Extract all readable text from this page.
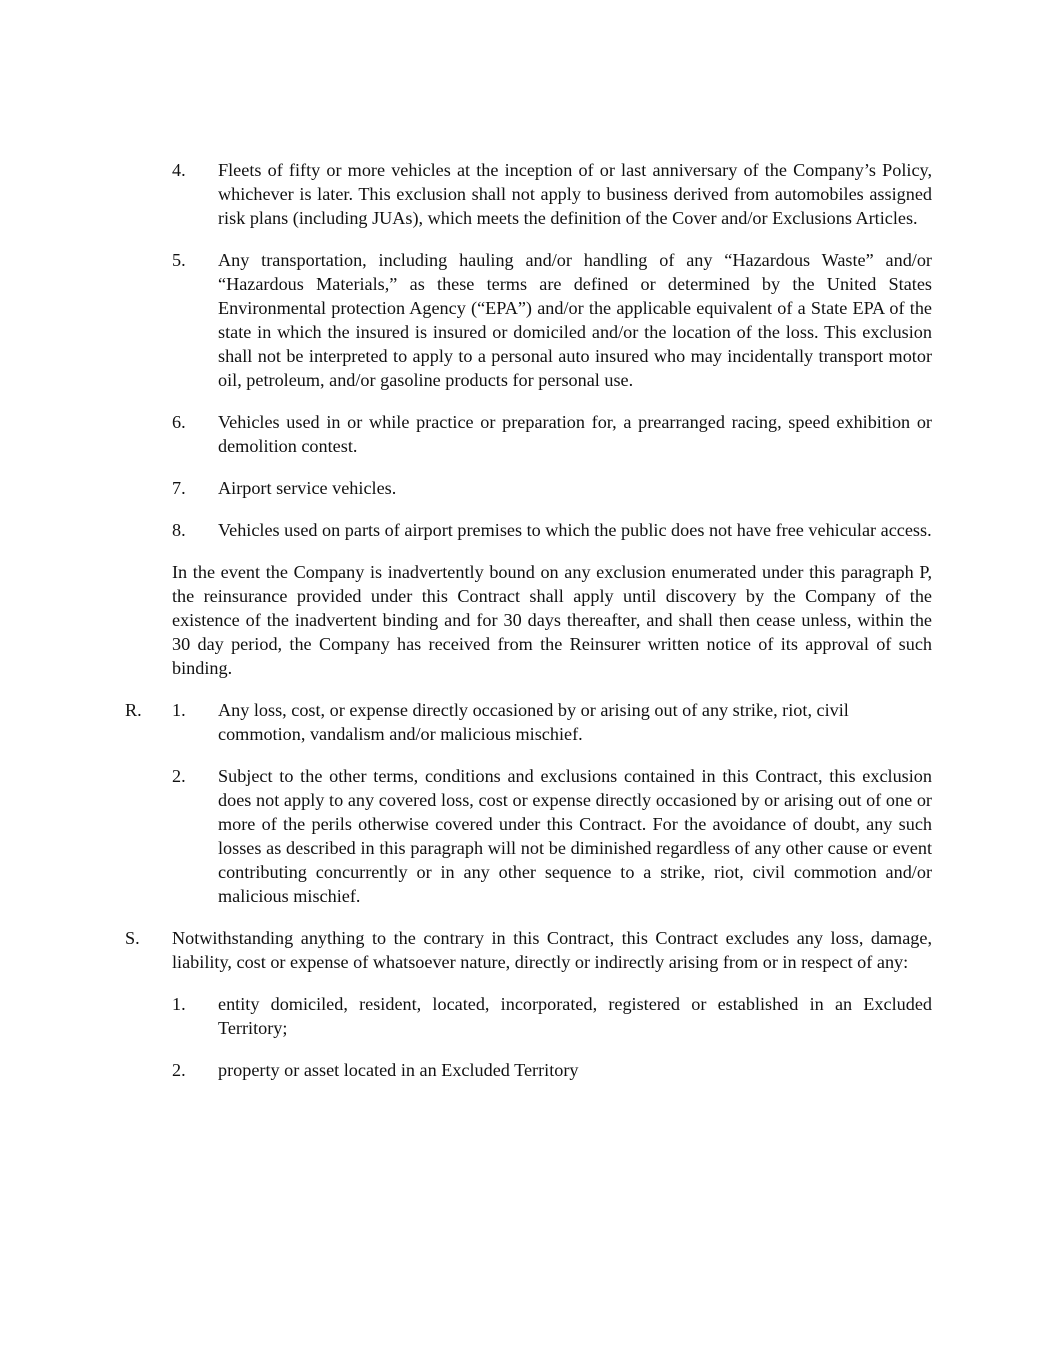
4. Fleets of fifty or more vehicles at the inception of or last anniversary of the Company’s Policy, whichever is later. This exclusion shall not apply to business derived from automobiles assigned risk plans (including JUAs), which meets the definition of the Cover and/or Exclusions Articles.
5. Any transportation, including hauling and/or handling of any “Hazardous Waste” and/or “Hazardous Materials,” as these terms are defined or determined by the United States Environmental protection Agency (“EPA”) and/or the applicable equivalent of a State EPA of the state in which the insured is insured or domiciled and/or the location of the loss. This exclusion shall not be interpreted to apply to a personal auto insured who may incidentally transport motor oil, petroleum, and/or gasoline products for personal use.
6. Vehicles used in or while practice or preparation for, a prearranged racing, speed exhibition or demolition contest.
7. Airport service vehicles.
8. Vehicles used on parts of airport premises to which the public does not have free vehicular access.
In the event the Company is inadvertently bound on any exclusion enumerated under this paragraph P, the reinsurance provided under this Contract shall apply until discovery by the Company of the existence of the inadvertent binding and for 30 days thereafter, and shall then cease unless, within the 30 day period, the Company has received from the Reinsurer written notice of its approval of such binding.
R. 1. Any loss, cost, or expense directly occasioned by or arising out of any strike, riot, civil commotion, vandalism and/or malicious mischief.
2. Subject to the other terms, conditions and exclusions contained in this Contract, this exclusion does not apply to any covered loss, cost or expense directly occasioned by or arising out of one or more of the perils otherwise covered under this Contract. For the avoidance of doubt, any such losses as described in this paragraph will not be diminished regardless of any other cause or event contributing concurrently or in any other sequence to a strike, riot, civil commotion and/or malicious mischief.
S. Notwithstanding anything to the contrary in this Contract, this Contract excludes any loss, damage, liability, cost or expense of whatsoever nature, directly or indirectly arising from or in respect of any:
1. entity domiciled, resident, located, incorporated, registered or established in an Excluded Territory;
2. property or asset located in an Excluded Territory
